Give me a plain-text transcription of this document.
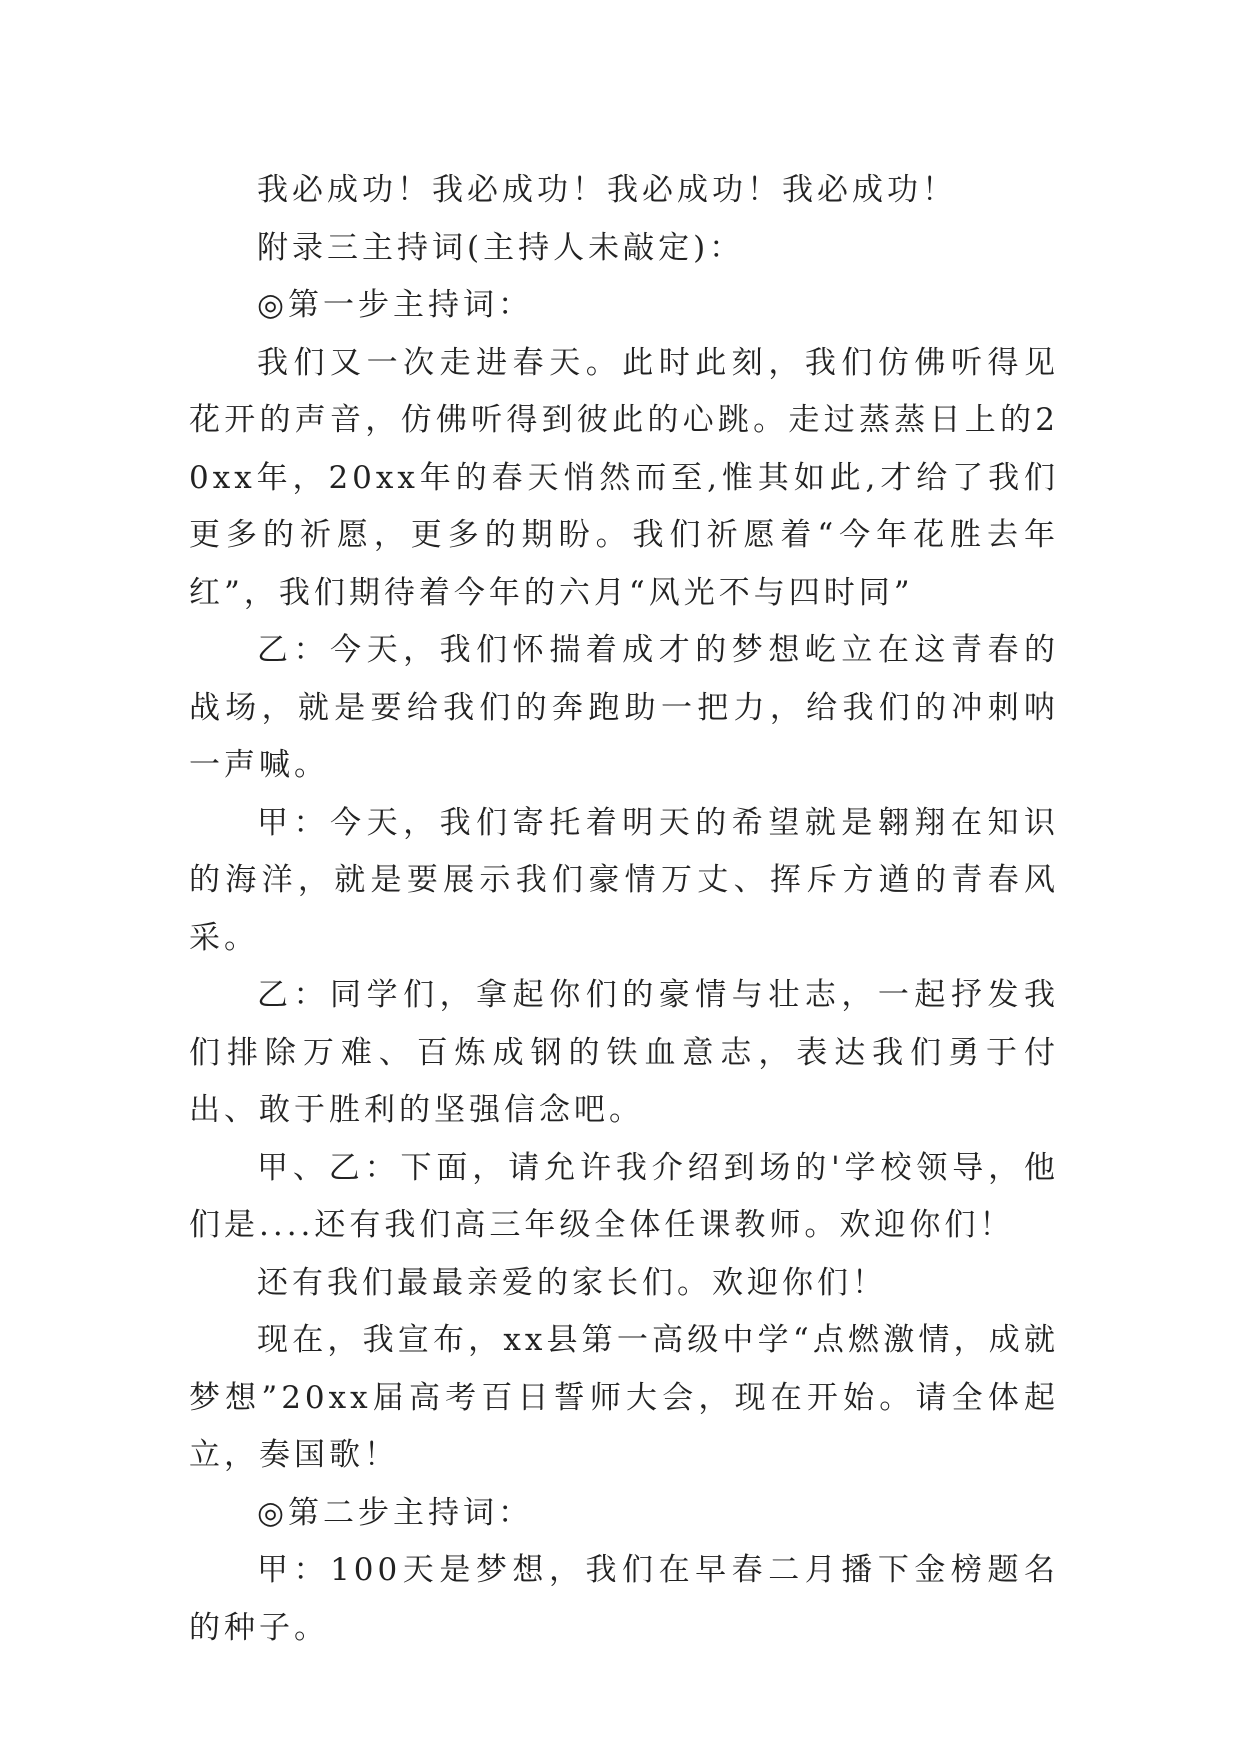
我必成功！我必成功！我必成功！我必成功！

附录三主持词(主持人未敲定)：

◎第一步主持词：

我们又一次走进春天。此时此刻，我们仿佛听得见花开的声音，仿佛听得到彼此的心跳。走过蒸蒸日上的20xx年，20xx年的春天悄然而至,惟其如此,才给了我们更多的祈愿，更多的期盼。我们祈愿着“今年花胜去年红”，我们期待着今年的六月“风光不与四时同”

乙：今天，我们怀揣着成才的梦想屹立在这青春的战场，就是要给我们的奔跑助一把力，给我们的冲刺呐一声喊。

甲：今天，我们寄托着明天的希望就是翱翔在知识的海洋，就是要展示我们豪情万丈、挥斥方遒的青春风采。

乙：同学们，拿起你们的豪情与壮志，一起抒发我们排除万难、百炼成钢的铁血意志，表达我们勇于付出、敢于胜利的坚强信念吧。

甲、乙：下面，请允许我介绍到场的'学校领导，他们是....还有我们高三年级全体任课教师。欢迎你们！

还有我们最最亲爱的家长们。欢迎你们！

现在，我宣布，xx县第一高级中学“点燃激情，成就梦想”20xx届高考百日誓师大会，现在开始。请全体起立，奏国歌！

◎第二步主持词：

甲：100天是梦想，我们在早春二月播下金榜题名的种子。
